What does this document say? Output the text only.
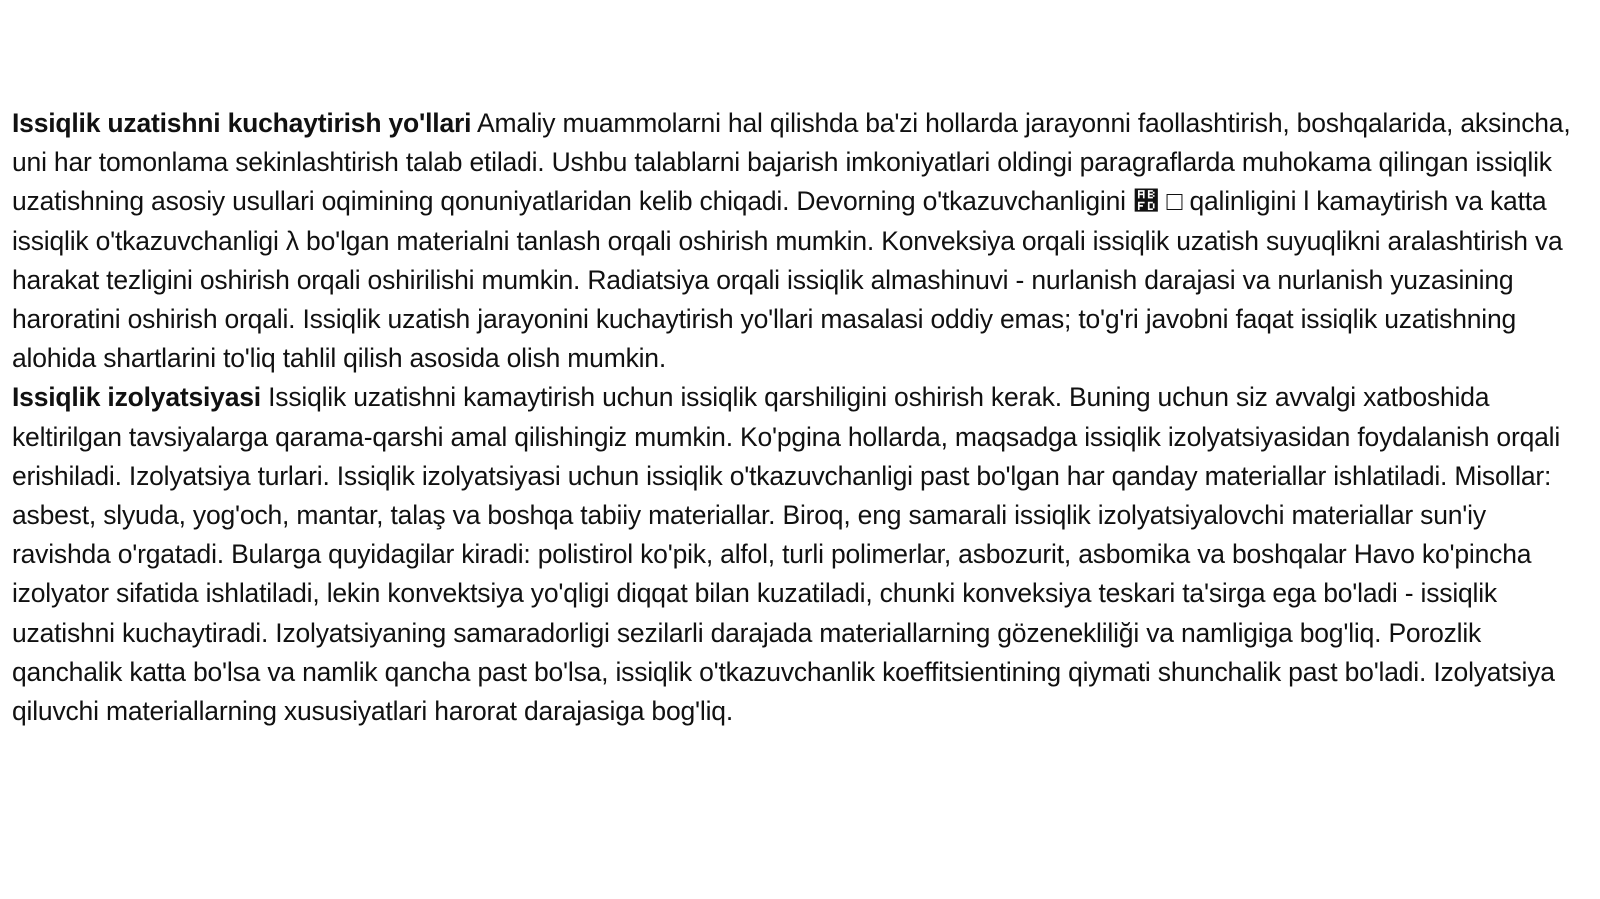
Issiqlik uzatishni kuchaytirish yo'llari Amaliy muammolarni hal qilishda ba'zi hollarda jarayonni faollashtirish, boshqalarida, aksincha, uni har tomonlama sekinlashtirish talab etiladi. Ushbu talablarni bajarish imkoniyatlari oldingi paragraflarda muhokama qilingan issiqlik uzatishning asosiy usullari oqimining qonuniyatlaridan kelib chiqadi. Devorning o'tkazuvchanligini ꯽ □ qalinligini l kamaytirish va katta issiqlik o'tkazuvchanligi λ bo'lgan materialni tanlash orqali oshirish mumkin. Konveksiya orqali issiqlik uzatish suyuqlikni aralashtirish va harakat tezligini oshirish orqali oshirilishi mumkin. Radiatsiya orqali issiqlik almashinuvi - nurlanish darajasi va nurlanish yuzasining haroratini oshirish orqali. Issiqlik uzatish jarayonini kuchaytirish yo'llari masalasi oddiy emas; to'g'ri javobni faqat issiqlik uzatishning alohida shartlarini to'liq tahlil qilish asosida olish mumkin.

Issiqlik izolyatsiyasi Issiqlik uzatishni kamaytirish uchun issiqlik qarshiligini oshirish kerak. Buning uchun siz avvalgi xatboshida keltirilgan tavsiyalarga qarama-qarshi amal qilishingiz mumkin. Ko'pgina hollarda, maqsadga issiqlik izolyatsiyasidan foydalanish orqali erishiladi. Izolyatsiya turlari. Issiqlik izolyatsiyasi uchun issiqlik o'tkazuvchanligi past bo'lgan har qanday materiallar ishlatiladi. Misollar: asbest, slyuda, yog'och, mantar, talaş va boshqa tabiiy materiallar. Biroq, eng samarali issiqlik izolyatsiyalovchi materiallar sun'iy ravishda o'rgatadi. Bularga quyidagilar kiradi: polistirol ko'pik, alfol, turli polimerlar, asbozurit, asbomika va boshqalar Havo ko'pincha izolyator sifatida ishlatiladi, lekin konvektsiya yo'qligi diqqat bilan kuzatiladi, chunki konveksiya teskari ta'sirga ega bo'ladi - issiqlik uzatishni kuchaytiradi. Izolyatsiyaning samaradorligi sezilarli darajada materiallarning gözenekliliği va namligiga bog'liq. Porozlik qanchalik katta bo'lsa va namlik qancha past bo'lsa, issiqlik o'tkazuvchanlik koeffitsientining qiymati shunchalik past bo'ladi. Izolyatsiya qiluvchi materiallarning xususiyatlari harorat darajasiga bog'liq.
